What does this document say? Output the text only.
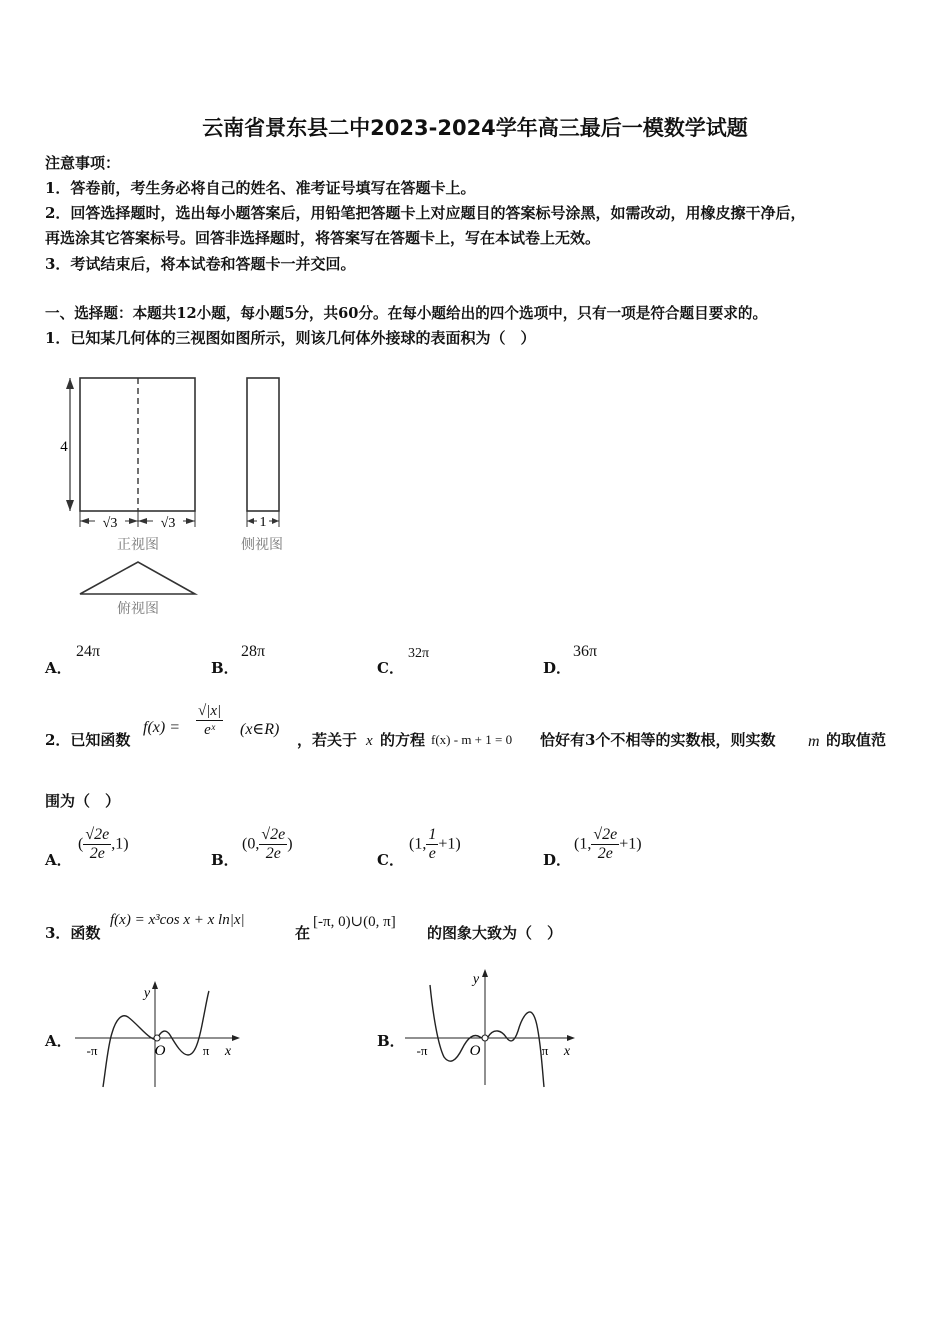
云南省景东县二中2023-2024学年高三最后一模数学试题
注意事项：
1．答卷前，考生务必将自己的姓名、准考证号填写在答题卡上。
2．回答选择题时，选出每小题答案后，用铅笔把答题卡上对应题目的答案标号涂黑，如需改动，用橡皮擦干净后，
再选涂其它答案标号。回答非选择题时，将答案写在答题卡上，写在本试卷上无效。
3．考试结束后，将本试卷和答题卡一并交回。
一、选择题：本题共12小题，每小题5分，共60分。在每小题给出的四个选项中，只有一项是符合题目要求的。
1．已知某几何体的三视图如图所示，则该几何体外接球的表面积为（　）
4
√3	√3
正视图
1
侧视图
俯视图
A．
24π
B．
28π
C．
32π
D．
36π
2．已知函数
$f(x) = \frac{√|x|}{\text{eˣ}}$ (x∈R)
，若关于 x 的方程 f(x) - m + 1 = 0 恰好有3个不相等的实数根，则实数 m 的取值范
围为（　）
A．
( $\frac{√2e}{2e} ,1$)
B．
(0, $\frac{√2e}{2e}$ )
C．
(1, $\frac{1}{e} +1$)
D．
(1, $\frac{√2e}{2e} +1$)
3．函数
f(x) = x³cos x + x ln|x|
在
[-π, 0)∪(0, π]
的图象大致为（　）
A．
y
x
O
-π	π
B．
y
x
O
-π	π
